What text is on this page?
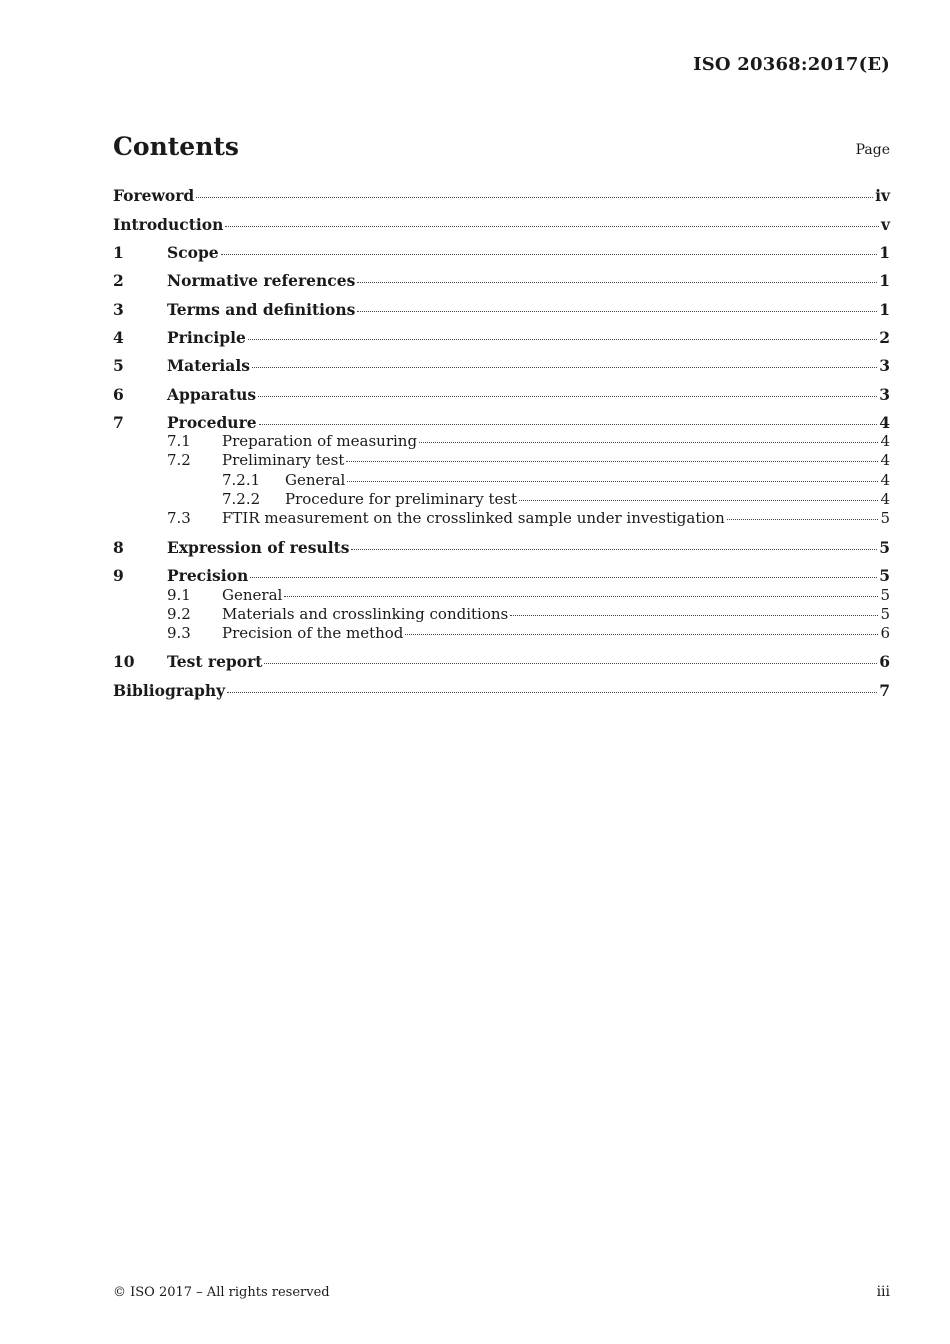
ISO 20368:2017(E)
Contents	Page
Foreword	iv
Introduction	v
1	Scope	1
2	Normative references	1
3	Terms and definitions	1
4	Principle	2
5	Materials	3
6	Apparatus	3
7	Procedure	4
7.1	Preparation of measuring	4
7.2	Preliminary test	4
7.2.1	General	4
7.2.2	Procedure for preliminary test	4
7.3	FTIR measurement on the crosslinked sample under investigation	5
8	Expression of results	5
9	Precision	5
9.1	General	5
9.2	Materials and crosslinking conditions	5
9.3	Precision of the method	6
10	Test report	6
Bibliography	7
© ISO 2017 – All rights reserved	iii
